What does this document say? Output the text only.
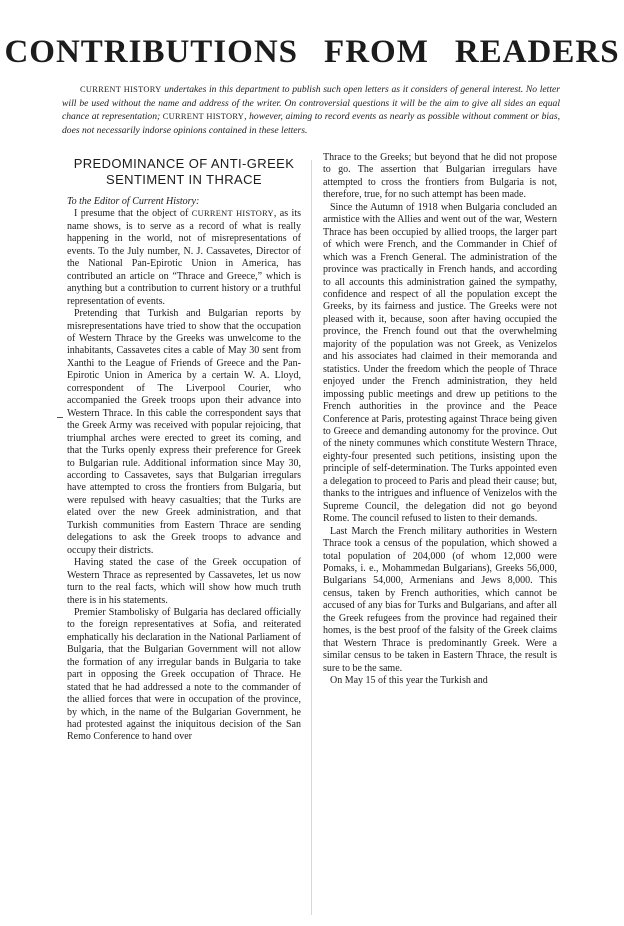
CONTRIBUTIONS FROM READERS

CURRENT HISTORY undertakes in this department to publish such open letters as it considers of general interest. No letter will be used without the name and address of the writer. On controversial questions it will be the aim to give all sides an equal chance at representation; CURRENT HISTORY, however, aiming to record events as nearly as possible without comment or bias, does not necessarily indorse opinions contained in these letters.

PREDOMINANCE OF ANTI-GREEK SENTIMENT IN THRACE

To the Editor of Current History:

I presume that the object of CURRENT HISTORY, as its name shows, is to serve as a record of what is really happening in the world, not of misrepresentations of events. To the July number, N. J. Cassavetes, Director of the National Pan-Epirotic Union in America, has contributed an article on “Thrace and Greece,” which is anything but a contribution to current history or a truthful representation of events.

Pretending that Turkish and Bulgarian reports by misrepresentations have tried to show that the occupation of Western Thrace by the Greeks was unwelcome to the inhabitants, Cassavetes cites a cable of May 30 sent from Xanthi to the League of Friends of Greece and the Pan-Epirotic Union in America by a certain W. A. Lloyd, correspondent of The Liverpool Courier, who accompanied the Greek troops upon their advance into Western Thrace. In this cable the correspondent says that the Greek Army was received with popular rejoicing, that triumphal arches were erected to greet its coming, and that the Turks openly express their preference for Greek to Bulgarian rule. Additional information since May 30, according to Cassavetes, says that Bulgarian irregulars have attempted to cross the frontiers from Bulgaria, but were repulsed with heavy casualties; that the Turks are elated over the new Greek administration, and that Turkish communities from Eastern Thrace are sending delegations to ask the Greek troops to advance and occupy their districts.

Having stated the case of the Greek occupation of Western Thrace as represented by Cassavetes, let us now turn to the real facts, which will show how much truth there is in his statements.

Premier Stambolisky of Bulgaria has declared officially to the foreign representatives at Sofia, and reiterated emphatically his declaration in the National Parliament of Bulgaria, that the Bulgarian Government will not allow the formation of any irregular bands in Bulgaria to take part in opposing the Greek occupation of Thrace. He stated that he had addressed a note to the commander of the allied forces that were in occupation of the province, by which, in the name of the Bulgarian Government, he had protested against the iniquitous decision of the San Remo Conference to hand over

Thrace to the Greeks; but beyond that he did not propose to go. The assertion that Bulgarian irregulars have attempted to cross the frontiers from Bulgaria is not, therefore, true, for no such attempt has been made.

Since the Autumn of 1918 when Bulgaria concluded an armistice with the Allies and went out of the war, Western Thrace has been occupied by allied troops, the larger part of which were French, and the Commander in Chief of which was a French General. The administration of the province was practically in French hands, and according to all accounts this administration gained the sympathy, confidence and respect of all the population except the Greeks, by its fairness and justice. The Greeks were not pleased with it, because, soon after having occupied the province, the French found out that the overwhelming majority of the population was not Greek, as Venizelos and his associates had claimed in their memoranda and statistics. Under the freedom which the people of Thrace enjoyed under the French administration, they held impossing public meetings and drew up petitions to the French authorities in the province and the Peace Conference at Paris, protesting against Thrace being given to Greece and demanding autonomy for the province. Out of the ninety communes which constitute Western Thrace, eighty-four presented such petitions, insisting upon the principle of self-determination. The Turks appointed even a delegation to proceed to Paris and plead their cause; but, thanks to the intrigues and influence of Venizelos with the Supreme Council, the delegation did not go beyond Rome. The council refused to listen to their demands.

Last March the French military authorities in Western Thrace took a census of the population, which showed a total population of 204,000 (of whom 12,000 were Pomaks, i. e., Mohammedan Bulgarians), Greeks 56,000, Bulgarians 54,000, Armenians and Jews 8,000. This census, taken by French authorities, which cannot be accused of any bias for Turks and Bulgarians, and after all the Greek refugees from the province had regained their homes, is the best proof of the falsity of the Greek claims that Western Thrace is predominantly Greek. Were a similar census to be taken in Eastern Thrace, the result is sure to be the same.

On May 15 of this year the Turkish and
